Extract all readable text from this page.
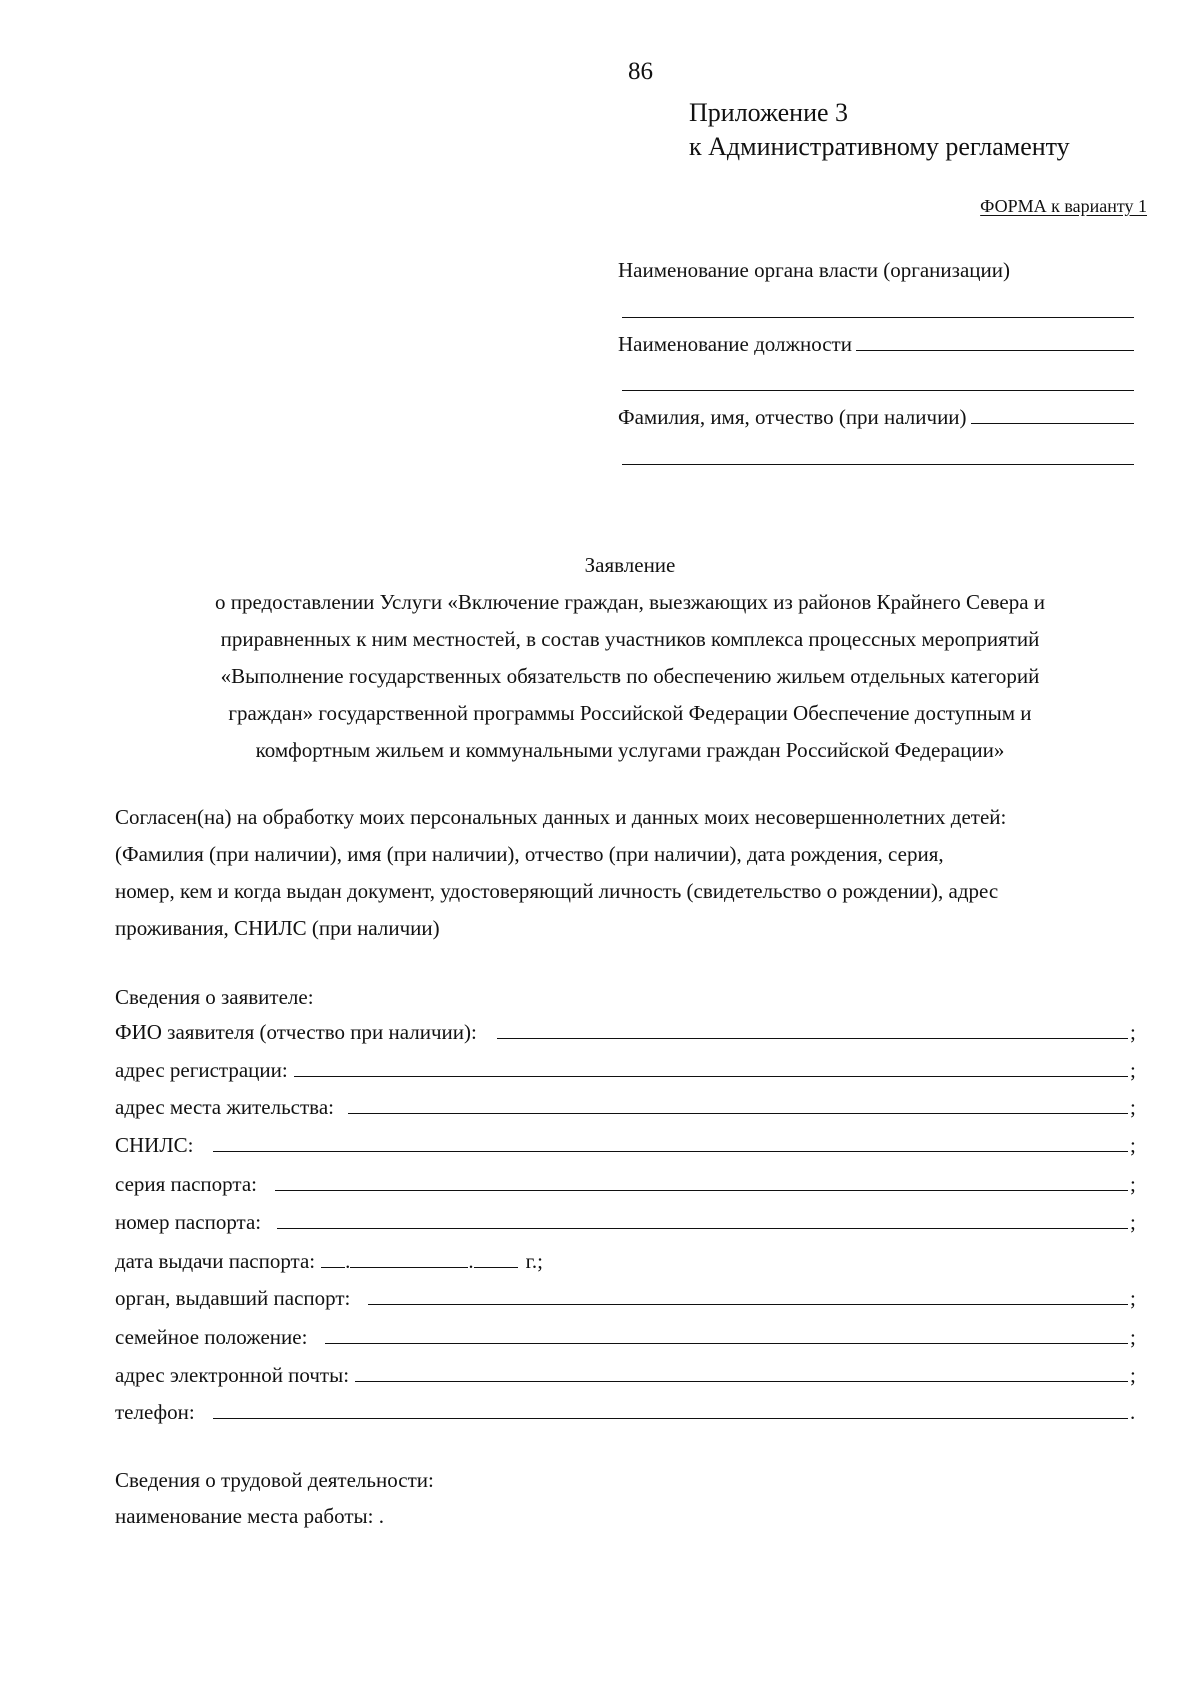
86
Приложение 3
к Административному регламенту
ФОРМА к варианту 1
Наименование органа власти (организации)
Наименование должности
Фамилия, имя, отчество (при наличии)
Заявление
о предоставлении Услуги «Включение граждан, выезжающих из районов Крайнего Севера и
приравненных к ним местностей, в состав участников комплекса процессных мероприятий
«Выполнение государственных обязательств по обеспечению жильем отдельных категорий
граждан» государственной программы Российской Федерации Обеспечение доступным и
комфортным жильем и коммунальными услугами граждан Российской Федерации»
Согласен(на) на обработку моих персональных данных и данных моих несовершеннолетних детей:
(Фамилия (при наличии), имя (при наличии), отчество (при наличии), дата рождения, серия,
номер, кем и когда выдан документ, удостоверяющий личность (свидетельство о рождении), адрес
проживания, СНИЛС (при наличии)
Сведения о заявителе:
ФИО заявителя (отчество при наличии):	;
адрес регистрации:	;
адрес места жительства:	;
СНИЛС:	;
серия паспорта:	;
номер паспорта:	;
дата выдачи паспорта: .	. г.;
орган, выдавший паспорт:	;
семейное положение:	;
адрес электронной почты:	;
телефон:	.
Сведения о трудовой деятельности:
наименование места работы: .
